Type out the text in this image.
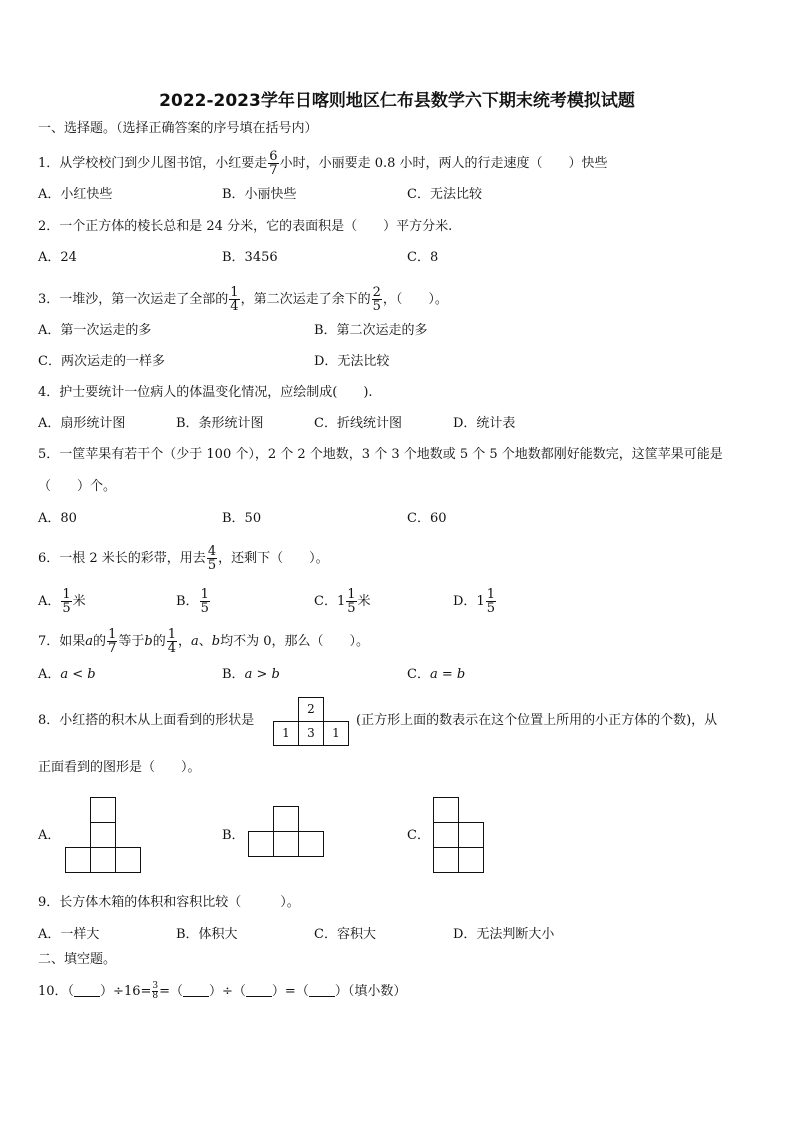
2022-2023学年日喀则地区仁布县数学六下期末统考模拟试题
一、选择题。（选择正确答案的序号填在括号内）
1．从学校校门到少儿图书馆，小红要走 $\frac{6}{7}$ 小时，小丽要走 0.8 小时，两人的行走速度（　　）快些
A．小红快些	B．小丽快些	C．无法比较
2．一个正方体的棱长总和是 24 分米，它的表面积是（　　）平方分米.
A．24	B．3456	C．8
3．一堆沙，第一次运走了全部的 $\frac{1}{4}$ ，第二次运走了余下的 $\frac{2}{5}$ ，（　　）。
A．第一次运走的多	B．第二次运走的多
C．两次运走的一样多	D．无法比较
4．护士要统计一位病人的体温变化情况，应绘制成(　　).
A．扇形统计图	B．条形统计图	C．折线统计图	D．统计表
5．一筐苹果有若干个（少于 100 个），2 个 2 个地数，3 个 3 个地数或 5 个 5 个地数都刚好能数完，这筐苹果可能是
（　　）个。
A．80	B．50	C．60
6．一根 2 米长的彩带，用去 $\frac{4}{5}$ ，还剩下（　　）。
A． $\frac{1}{5}$ 米	B． $\frac{1}{5}$	C．$1 \frac{1}{5}$ 米	D．$1 \frac{1}{5}$
7．如果a的 $\frac{1}{7}$ 等于b的 $\frac{1}{4}$ ，a、b均不为 0，那么（　　）。
A．a < b	B．a > b	C．a = b
8．小红搭的积木从上面看到的形状是
2
1	3	1
(正方形上面的数表示在这个位置上所用的小正方体的个数)，从
正面看到的图形是（　　）。
A．	B．	C．
9．长方体木箱的体积和容积比较（　　　）。
A．一样大	B．体积大	C．容积大	D．无法判断大小
二、填空题。
10．（ ）$\div 16= \frac{3}{8}$ =（ ）÷（ ）=（ ）（填小数）
